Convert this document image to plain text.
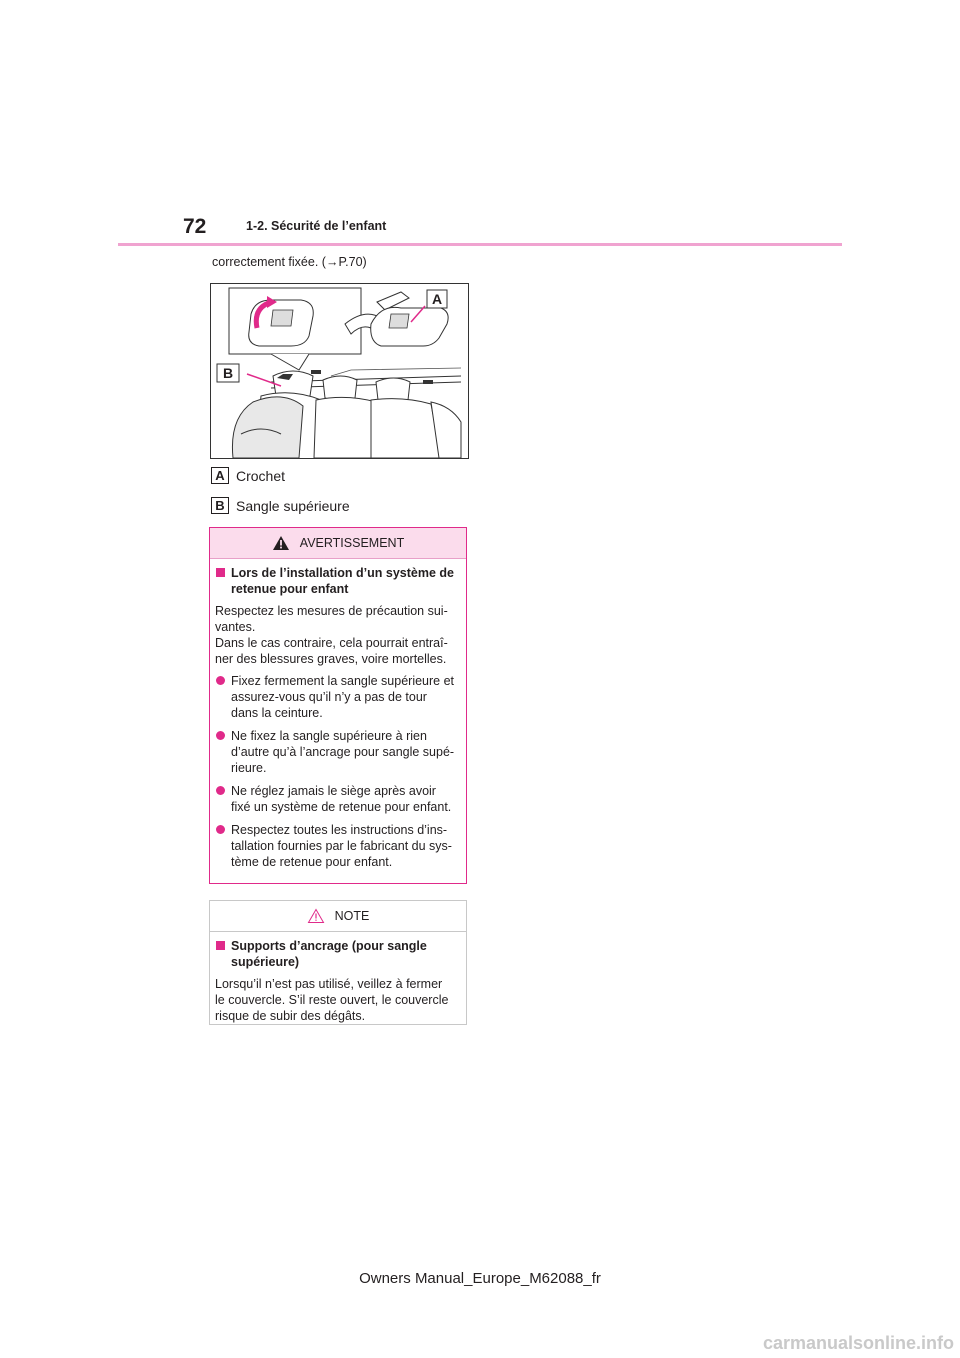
72	1-2. Sécurité de l’enfant
correctement fixée. (→P.70)
A
B
A Crochet
B Sangle supérieure
AVERTISSEMENT
Lors de l’installation d’un système de
retenue pour enfant
Respectez les mesures de précaution sui-
vantes.
Dans le cas contraire, cela pourrait entraî-
ner des blessures graves, voire mortelles.
Fixez fermement la sangle supérieure et
assurez-vous qu’il n’y a pas de tour
dans la ceinture.
Ne fixez la sangle supérieure à rien
d’autre qu’à l’ancrage pour sangle supé-
rieure.
Ne réglez jamais le siège après avoir
fixé un système de retenue pour enfant.
Respectez toutes les instructions d’ins-
tallation fournies par le fabricant du sys-
tème de retenue pour enfant.
NOTE
Supports d’ancrage (pour sangle
supérieure)
Lorsqu’il n’est pas utilisé, veillez à fermer
le couvercle. S’il reste ouvert, le couvercle
risque de subir des dégâts.
Owners Manual_Europe_M62088_fr
carmanualsonline.info
